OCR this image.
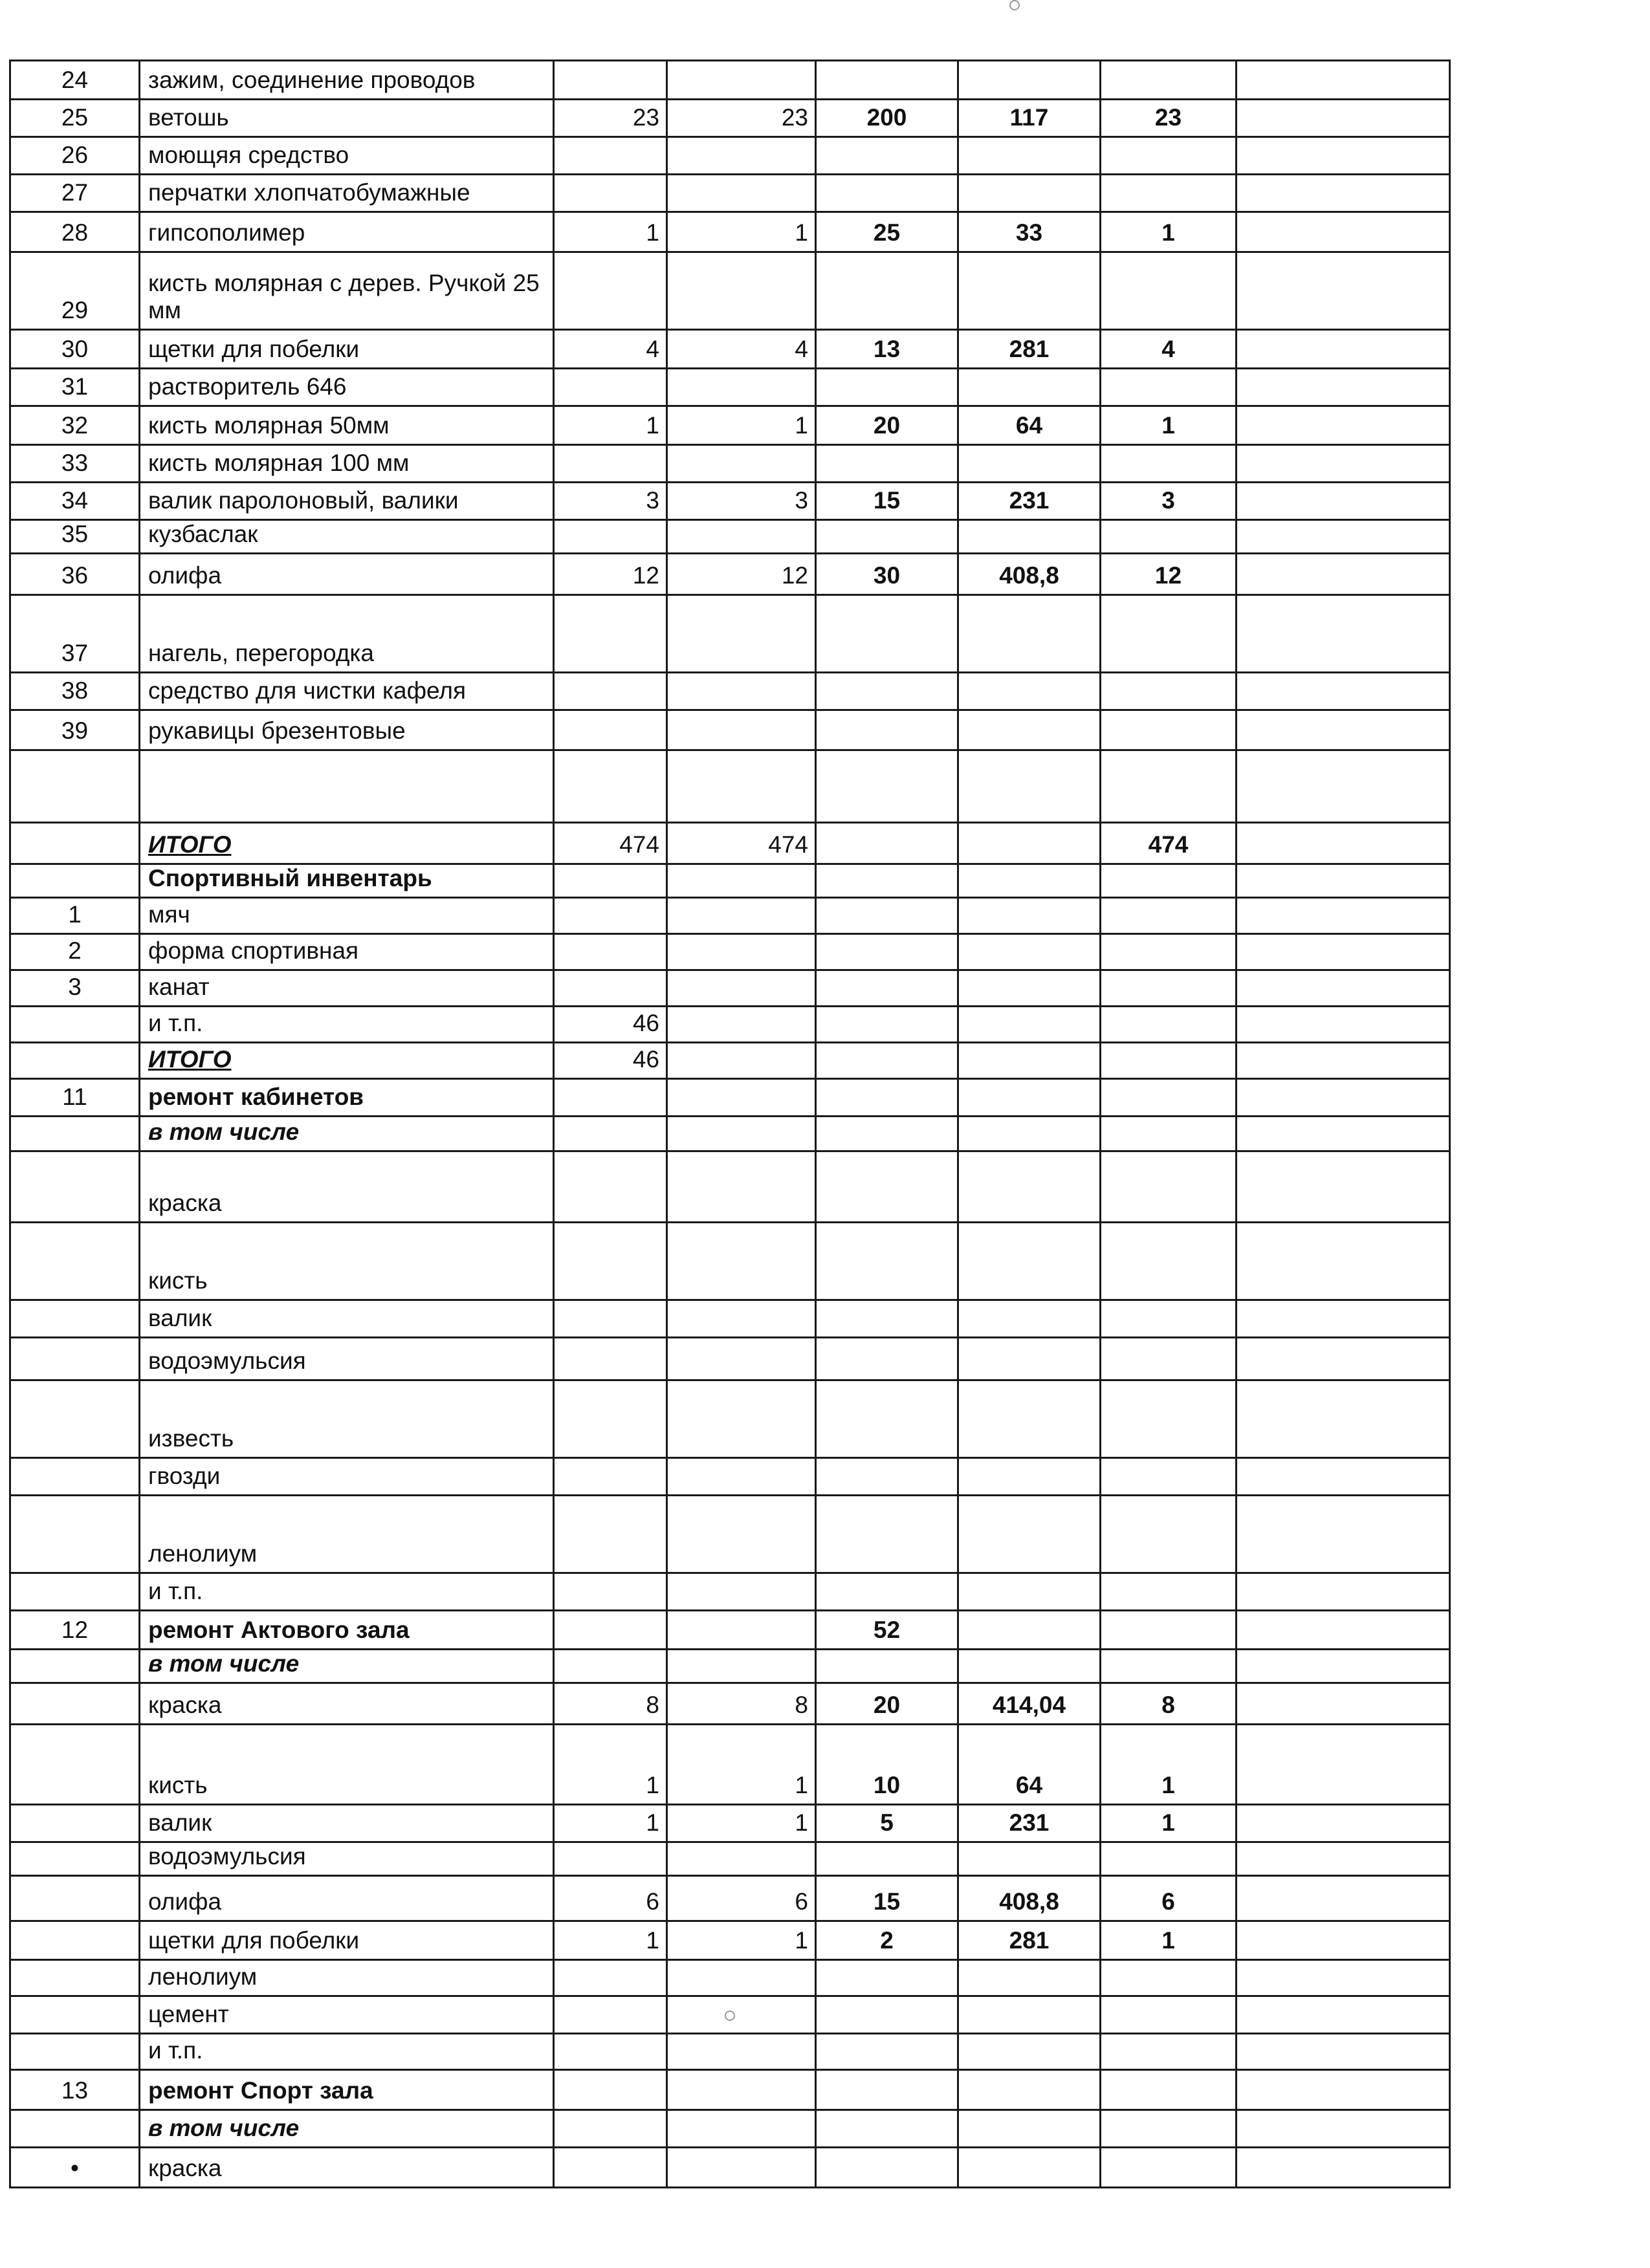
24	зажим, соединение проводов						
25	ветошь	23	23	200	117	23	
26	моющяя средство						
27	перчатки хлопчатобумажные						
28	гипсополимер	1	1	25	33	1	
29	кисть молярная с дерев. Ручкой 25 мм						
30	щетки для побелки	4	4	13	281	4	
31	растворитель 646						
32	кисть молярная 50мм	1	1	20	64	1	
33	кисть молярная 100 мм						
34	валик паролоновый, валики	3	3	15	231	3	
35	кузбаслак						
36	олифа	12	12	30	408,8	12	
37	нагель, перегородка						
38	средство для чистки кафеля						
39	рукавицы брезентовые						

	ИТОГО	474	474			474	
	Спортивный инвентарь						
1	мяч						
2	форма спортивная						
3	канат						
	и т.п.	46					
	ИТОГО	46					
11	ремонт кабинетов						
	в том числе						
	краска						
	кисть						
	валик						
	водоэмульсия						
	известь						
	гвозди						
	ленолиум						
	и т.п.						
12	ремонт Актового зала			52			
	в том числе						
	краска	8	8	20	414,04	8	
	кисть	1	1	10	64	1	
	валик	1	1	5	231	1	
	водоэмульсия						
	олифа	6	6	15	408,8	6	
	щетки для побелки	1	1	2	281	1	
	ленолиум						
	цемент						
	и т.п.						
13	ремонт Спорт зала						
	в том числе						
•	краска						
